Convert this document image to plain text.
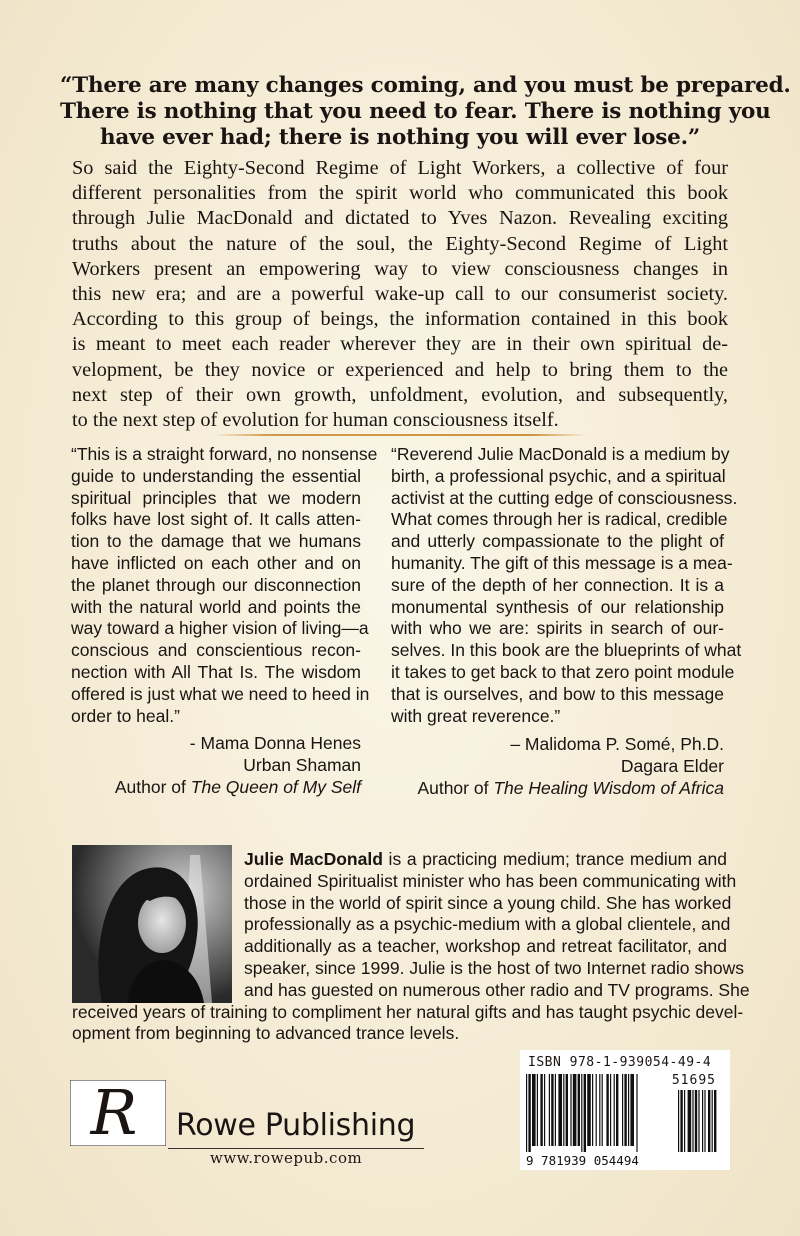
“There are many changes coming, and you must be prepared.
There is nothing that you need to fear. There is nothing you
have ever had; there is nothing you will ever lose.”
So said the Eighty-Second Regime of Light Workers, a collective of four
different personalities from the spirit world who communicated this book
through Julie MacDonald and dictated to Yves Nazon. Revealing exciting
truths about the nature of the soul, the Eighty-Second Regime of Light
Workers present an empowering way to view consciousness changes in
this new era; and are a powerful wake-up call to our consumerist society.
According to this group of beings, the information contained in this book
is meant to meet each reader wherever they are in their own spiritual de-
velopment, be they novice or experienced and help to bring them to the
next step of their own growth, unfoldment, evolution, and subsequently,
to the next step of evolution for human consciousness itself.
“This is a straight forward, no nonsense
guide to understanding the essential
spiritual principles that we modern
folks have lost sight of. It calls atten-
tion to the damage that we humans
have inflicted on each other and on
the planet through our disconnection
with the natural world and points the
way toward a higher vision of living—a
conscious and conscientious recon-
nection with All That Is. The wisdom
offered is just what we need to heed in
order to heal.”
- Mama Donna Henes
Urban Shaman
Author of The Queen of My Self
“Reverend Julie MacDonald is a medium by
birth, a professional psychic, and a spiritual
activist at the cutting edge of consciousness.
What comes through her is radical, credible
and utterly compassionate to the plight of
humanity. The gift of this message is a mea-
sure of the depth of her connection. It is a
monumental synthesis of our relationship
with who we are: spirits in search of our-
selves. In this book are the blueprints of what
it takes to get back to that zero point module
that is ourselves, and bow to this message
with great reverence.”
– Malidoma P. Somé, Ph.D.
Dagara Elder
Author of The Healing Wisdom of Africa
Julie MacDonald is a practicing medium; trance medium and
ordained Spiritualist minister who has been communicating with
those in the world of spirit since a young child. She has worked
professionally as a psychic-medium with a global clientele, and
additionally as a teacher, workshop and retreat facilitator, and
speaker, since 1999. Julie is the host of two Internet radio shows
and has guested on numerous other radio and TV programs. She
received years of training to compliment her natural gifts and has taught psychic devel-
opment from beginning to advanced trance levels.
R Rowe Publishing
www.rowepub.com
ISBN 978-1-939054-49-4
51695
9 781939 054494
